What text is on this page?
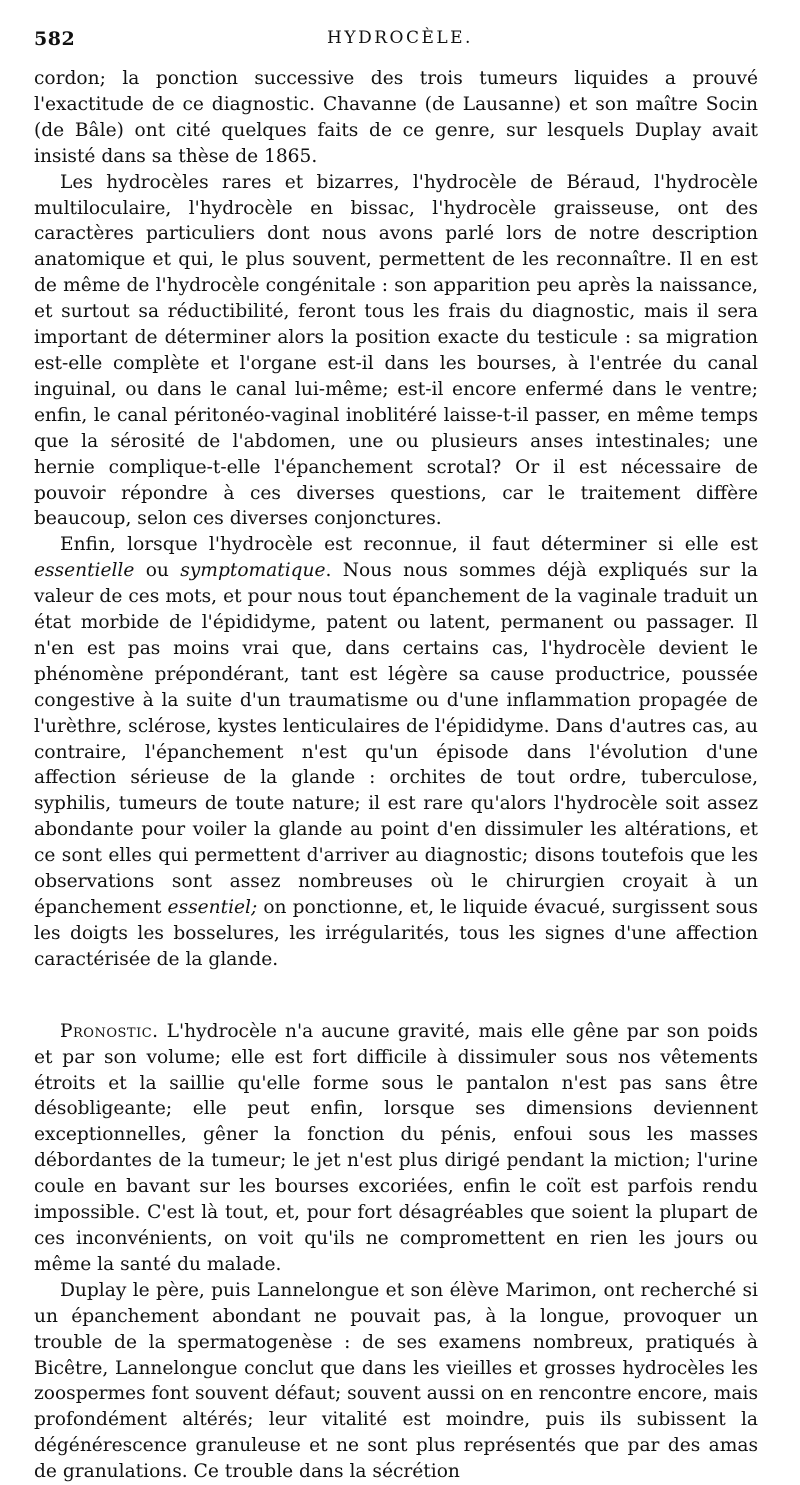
582	HYDROCÈLE.

cordon; la ponction successive des trois tumeurs liquides a prouvé l'exactitude de ce diagnostic. Chavanne (de Lausanne) et son maître Socin (de Bâle) ont cité quelques faits de ce genre, sur lesquels Duplay avait insisté dans sa thèse de 1865.

Les hydrocèles rares et bizarres, l'hydrocèle de Béraud, l'hydrocèle multiloculaire, l'hydrocèle en bissac, l'hydrocèle graisseuse, ont des caractères particuliers dont nous avons parlé lors de notre description anatomique et qui, le plus souvent, permettent de les reconnaître. Il en est de même de l'hydrocèle congénitale : son apparition peu après la naissance, et surtout sa réductibilité, feront tous les frais du diagnostic, mais il sera important de déterminer alors la position exacte du testicule : sa migration est-elle complète et l'organe est-il dans les bourses, à l'entrée du canal inguinal, ou dans le canal lui-même; est-il encore enfermé dans le ventre; enfin, le canal péritonéo-vaginal inoblitéré laisse-t-il passer, en même temps que la sérosité de l'abdomen, une ou plusieurs anses intestinales; une hernie complique-t-elle l'épanchement scrotal? Or il est nécessaire de pouvoir répondre à ces diverses questions, car le traitement diffère beaucoup, selon ces diverses conjonctures.

Enfin, lorsque l'hydrocèle est reconnue, il faut déterminer si elle est essentielle ou symptomatique. Nous nous sommes déjà expliqués sur la valeur de ces mots, et pour nous tout épanchement de la vaginale traduit un état morbide de l'épididyme, patent ou latent, permanent ou passager. Il n'en est pas moins vrai que, dans certains cas, l'hydrocèle devient le phénomène prépondérant, tant est légère sa cause productrice, poussée congestive à la suite d'un traumatisme ou d'une inflammation propagée de l'urèthre, sclérose, kystes lenticulaires de l'épididyme. Dans d'autres cas, au contraire, l'épanchement n'est qu'un épisode dans l'évolution d'une affection sérieuse de la glande : orchites de tout ordre, tuberculose, syphilis, tumeurs de toute nature; il est rare qu'alors l'hydrocèle soit assez abondante pour voiler la glande au point d'en dissimuler les altérations, et ce sont elles qui permettent d'arriver au diagnostic; disons toutefois que les observations sont assez nombreuses où le chirurgien croyait à un épanchement essentiel; on ponctionne, et, le liquide évacué, surgissent sous les doigts les bosselures, les irrégularités, tous les signes d'une affection caractérisée de la glande.

Pronostic. L'hydrocèle n'a aucune gravité, mais elle gêne par son poids et par son volume; elle est fort difficile à dissimuler sous nos vêtements étroits et la saillie qu'elle forme sous le pantalon n'est pas sans être désobligeante; elle peut enfin, lorsque ses dimensions deviennent exceptionnelles, gêner la fonction du pénis, enfoui sous les masses débordantes de la tumeur; le jet n'est plus dirigé pendant la miction; l'urine coule en bavant sur les bourses excoriées, enfin le coït est parfois rendu impossible. C'est là tout, et, pour fort désagréables que soient la plupart de ces inconvénients, on voit qu'ils ne compromettent en rien les jours ou même la santé du malade.

Duplay le père, puis Lannelongue et son élève Marimon, ont recherché si un épanchement abondant ne pouvait pas, à la longue, provoquer un trouble de la spermatogenèse : de ses examens nombreux, pratiqués à Bicêtre, Lannelongue conclut que dans les vieilles et grosses hydrocèles les zoospermes font souvent défaut; souvent aussi on en rencontre encore, mais profondément altérés; leur vitalité est moindre, puis ils subissent la dégénérescence granuleuse et ne sont plus représentés que par des amas de granulations. Ce trouble dans la sécrétion
